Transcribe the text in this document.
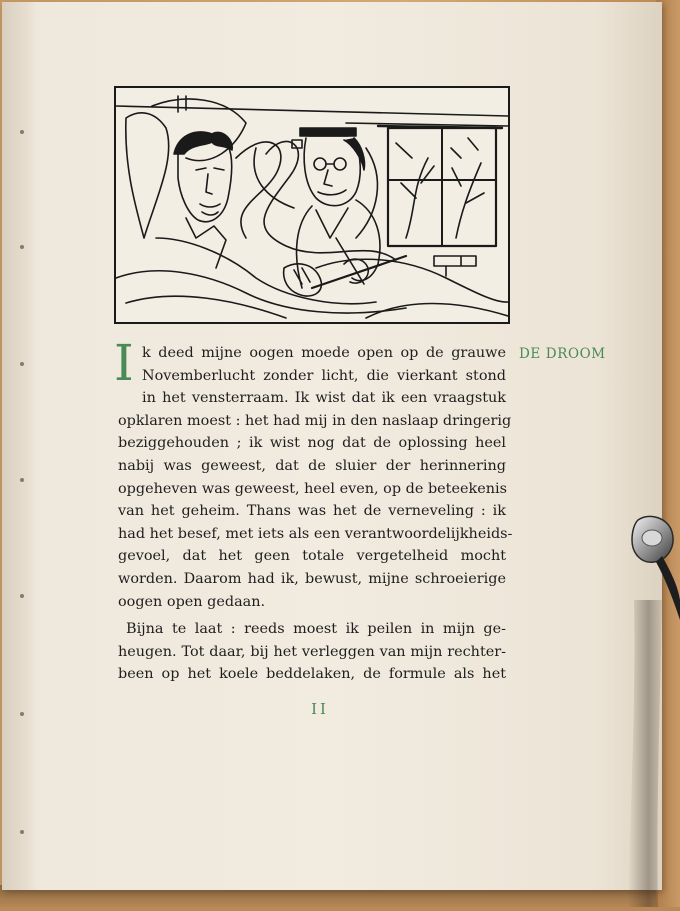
DE DROOM
I k deed mijne oogen moede open op de grauwe
Novemberlucht zonder licht, die vierkant stond
in het vensterraam. Ik wist dat ik een vraagstuk
opklaren moest : het had mij in den naslaap dringerig
beziggehouden ; ik wist nog dat de oplossing heel
nabij was geweest, dat de sluier der herinnering
opgeheven was geweest, heel even, op de beteekenis
van het geheim. Thans was het de verneveling : ik
had het besef, met iets als een verantwoordelijkheids-
gevoel, dat het geen totale vergetelheid mocht
worden. Daarom had ik, bewust, mijne schroeierige
oogen open gedaan.
Bijna te laat : reeds moest ik peilen in mijn ge-
heugen. Tot daar, bij het verleggen van mijn rechter-
been op het koele beddelaken, de formule als het
II
